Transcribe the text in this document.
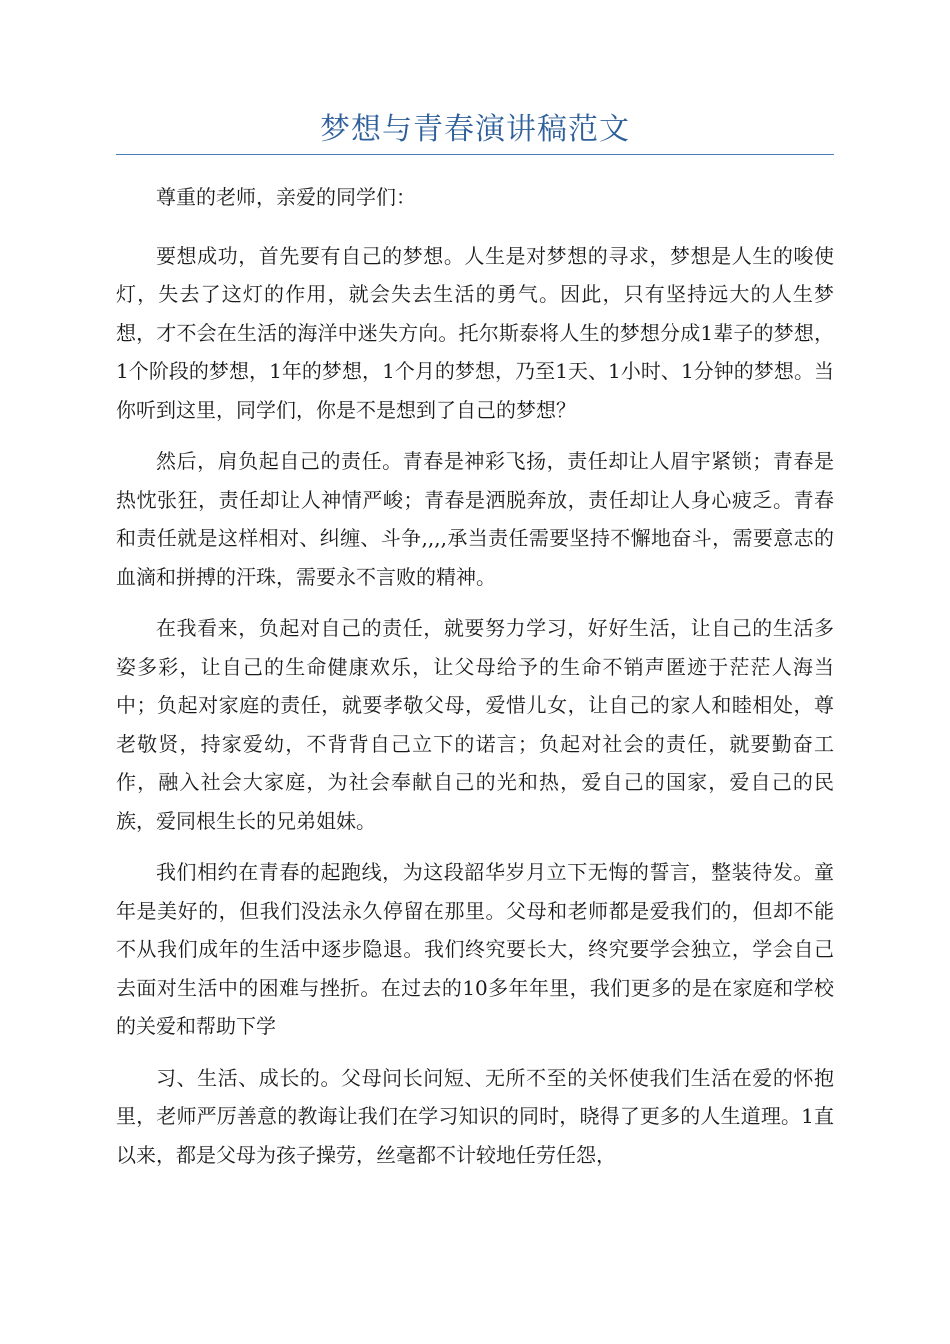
梦想与青春演讲稿范文

尊重的老师，亲爱的同学们：

要想成功，首先要有自己的梦想。人生是对梦想的寻求，梦想是人生的唆使灯，失去了这灯的作用，就会失去生活的勇气。因此，只有坚持远大的人生梦想，才不会在生活的海洋中迷失方向。托尔斯泰将人生的梦想分成1辈子的梦想，1个阶段的梦想，1年的梦想，1个月的梦想，乃至1天、1小时、1分钟的梦想。当你听到这里，同学们，你是不是想到了自己的梦想？

然后，肩负起自己的责任。青春是神彩飞扬，责任却让人眉宇紧锁；青春是热忱张狂，责任却让人神情严峻；青春是洒脱奔放，责任却让人身心疲乏。青春和责任就是这样相对、纠缠、斗争,,,,承当责任需要坚持不懈地奋斗，需要意志的血滴和拼搏的汗珠，需要永不言败的精神。

在我看来，负起对自己的责任，就要努力学习，好好生活，让自己的生活多姿多彩，让自己的生命健康欢乐，让父母给予的生命不销声匿迹于茫茫人海当中；负起对家庭的责任，就要孝敬父母，爱惜儿女，让自己的家人和睦相处，尊老敬贤，持家爱幼，不背背自己立下的诺言；负起对社会的责任，就要勤奋工作，融入社会大家庭，为社会奉献自己的光和热，爱自己的国家，爱自己的民族，爱同根生长的兄弟姐妹。

我们相约在青春的起跑线，为这段韶华岁月立下无悔的誓言，整装待发。童年是美好的，但我们没法永久停留在那里。父母和老师都是爱我们的，但却不能不从我们成年的生活中逐步隐退。我们终究要长大，终究要学会独立，学会自己去面对生活中的困难与挫折。在过去的10多年年里，我们更多的是在家庭和学校的关爱和帮助下学

习、生活、成长的。父母问长问短、无所不至的关怀使我们生活在爱的怀抱里，老师严厉善意的教诲让我们在学习知识的同时，晓得了更多的人生道理。1直以来，都是父母为孩子操劳，丝毫都不计较地任劳任怨，
